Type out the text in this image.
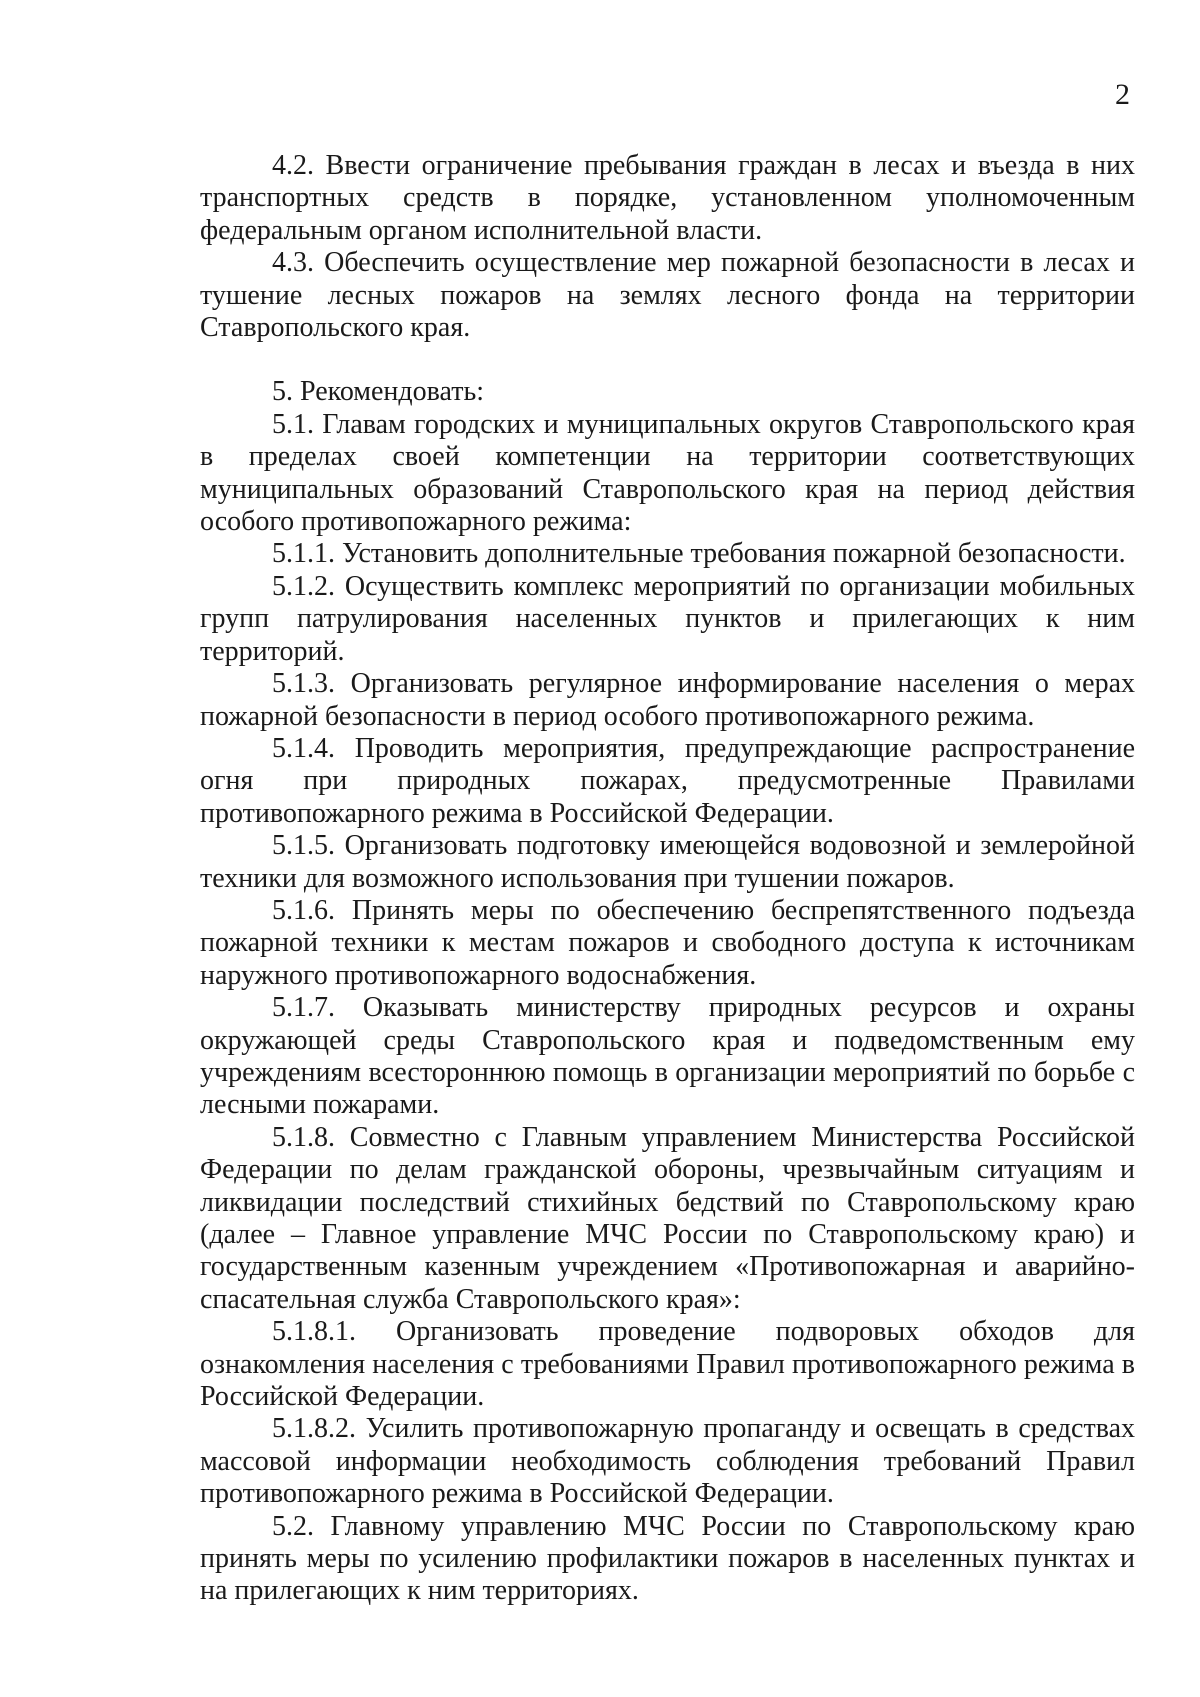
2

4.2. Ввести ограничение пребывания граждан в лесах и въезда в них транспортных средств в порядке, установленном уполномоченным федеральным органом исполнительной власти.

4.3. Обеспечить осуществление мер пожарной безопасности в лесах и тушение лесных пожаров на землях лесного фонда на территории Ставропольского края.

5. Рекомендовать:

5.1. Главам городских и муниципальных округов Ставропольского края в пределах своей компетенции на территории соответствующих муниципальных образований Ставропольского края на период действия особого противопожарного режима:

5.1.1. Установить дополнительные требования пожарной безопасности.

5.1.2. Осуществить комплекс мероприятий по организации мобильных групп патрулирования населенных пунктов и прилегающих к ним территорий.

5.1.3. Организовать регулярное информирование населения о мерах пожарной безопасности в период особого противопожарного режима.

5.1.4. Проводить мероприятия, предупреждающие распространение огня при природных пожарах, предусмотренные Правилами противопожарного режима в Российской Федерации.

5.1.5. Организовать подготовку имеющейся водовозной и землеройной техники для возможного использования при тушении пожаров.

5.1.6. Принять меры по обеспечению беспрепятственного подъезда пожарной техники к местам пожаров и свободного доступа к источникам наружного противопожарного водоснабжения.

5.1.7. Оказывать министерству природных ресурсов и охраны окружающей среды Ставропольского края и подведомственным ему учреждениям всестороннюю помощь в организации мероприятий по борьбе с лесными пожарами.

5.1.8. Совместно с Главным управлением Министерства Российской Федерации по делам гражданской обороны, чрезвычайным ситуациям и ликвидации последствий стихийных бедствий по Ставропольскому краю (далее – Главное управление МЧС России по Ставропольскому краю) и государственным казенным учреждением «Противопожарная и аварийно-спасательная служба Ставропольского края»:

5.1.8.1. Организовать проведение подворовых обходов для ознакомления населения с требованиями Правил противопожарного режима в Российской Федерации.

5.1.8.2. Усилить противопожарную пропаганду и освещать в средствах массовой информации необходимость соблюдения требований Правил противопожарного режима в Российской Федерации.

5.2. Главному управлению МЧС России по Ставропольскому краю принять меры по усилению профилактики пожаров в населенных пунктах и на прилегающих к ним территориях.
